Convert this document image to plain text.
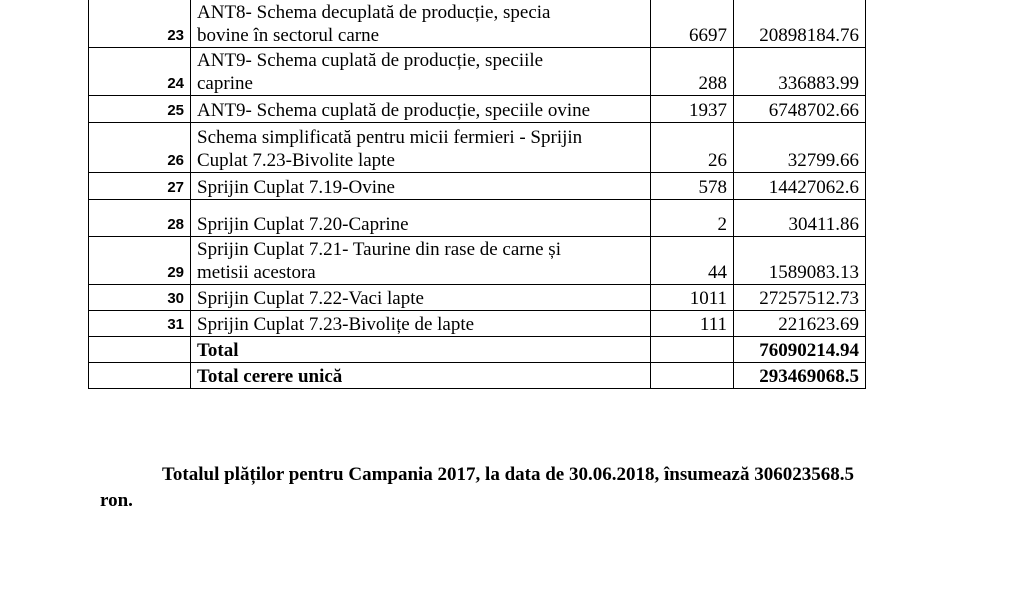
23	ANT8- Schema decuplată de producție, specia
bovine în sectorul carne	6697	20898184.76
24	ANT9- Schema cuplată de producție, speciile
caprine	288	336883.99
25	ANT9- Schema cuplată de producție, speciile ovine	1937	6748702.66
26	Schema simplificată pentru micii fermieri - Sprijin
Cuplat 7.23-Bivolite lapte	26	32799.66
27	Sprijin Cuplat 7.19-Ovine	578	14427062.6
28	Sprijin Cuplat 7.20-Caprine	2	30411.86
29	Sprijin Cuplat 7.21- Taurine din rase de carne și
metisii acestora	44	1589083.13
30	Sprijin Cuplat 7.22-Vaci lapte	1011	27257512.73
31	Sprijin Cuplat 7.23-Bivolițe de lapte	111	221623.69
	Total		76090214.94
	Total cerere unică		293469068.5

Totalul plăților pentru Campania 2017, la data de 30.06.2018, însumează 306023568.5 ron.
